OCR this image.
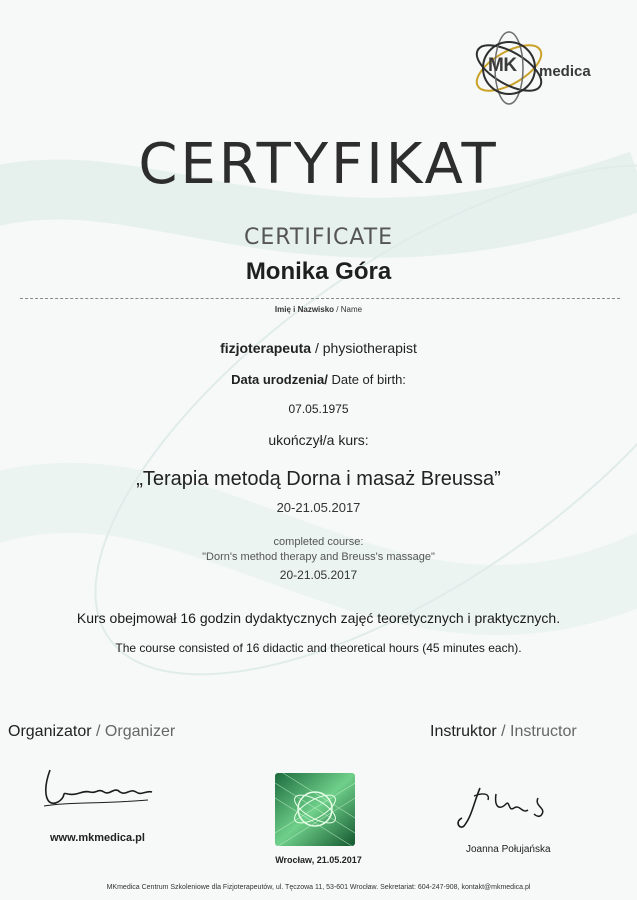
MK medica
CERTYFIKAT
CERTIFICATE
Monika Góra
Imię i Nazwisko / Name
fizjoterapeuta / physiotherapist
Data urodzenia/ Date of birth:
07.05.1975
ukończył/a kurs:
„Terapia metodą Dorna i masaż Breussa”
20-21.05.2017
completed course:
"Dorn's method therapy and Breuss's massage"
20-21.05.2017
Kurs obejmował 16 godzin dydaktycznych zajęć teoretycznych i praktycznych.
The course consisted of 16 didactic and theoretical hours (45 minutes each).
Organizator / Organizer	Instruktor / Instructor
www.mkmedica.pl
Wrocław, 21.05.2017
Joanna Połujańska
MKmedica Centrum Szkoleniowe dla Fizjoterapeutów, ul. Tęczowa 11, 53-601 Wrocław. Sekretariat: 604-247-908, kontakt@mkmedica.pl
